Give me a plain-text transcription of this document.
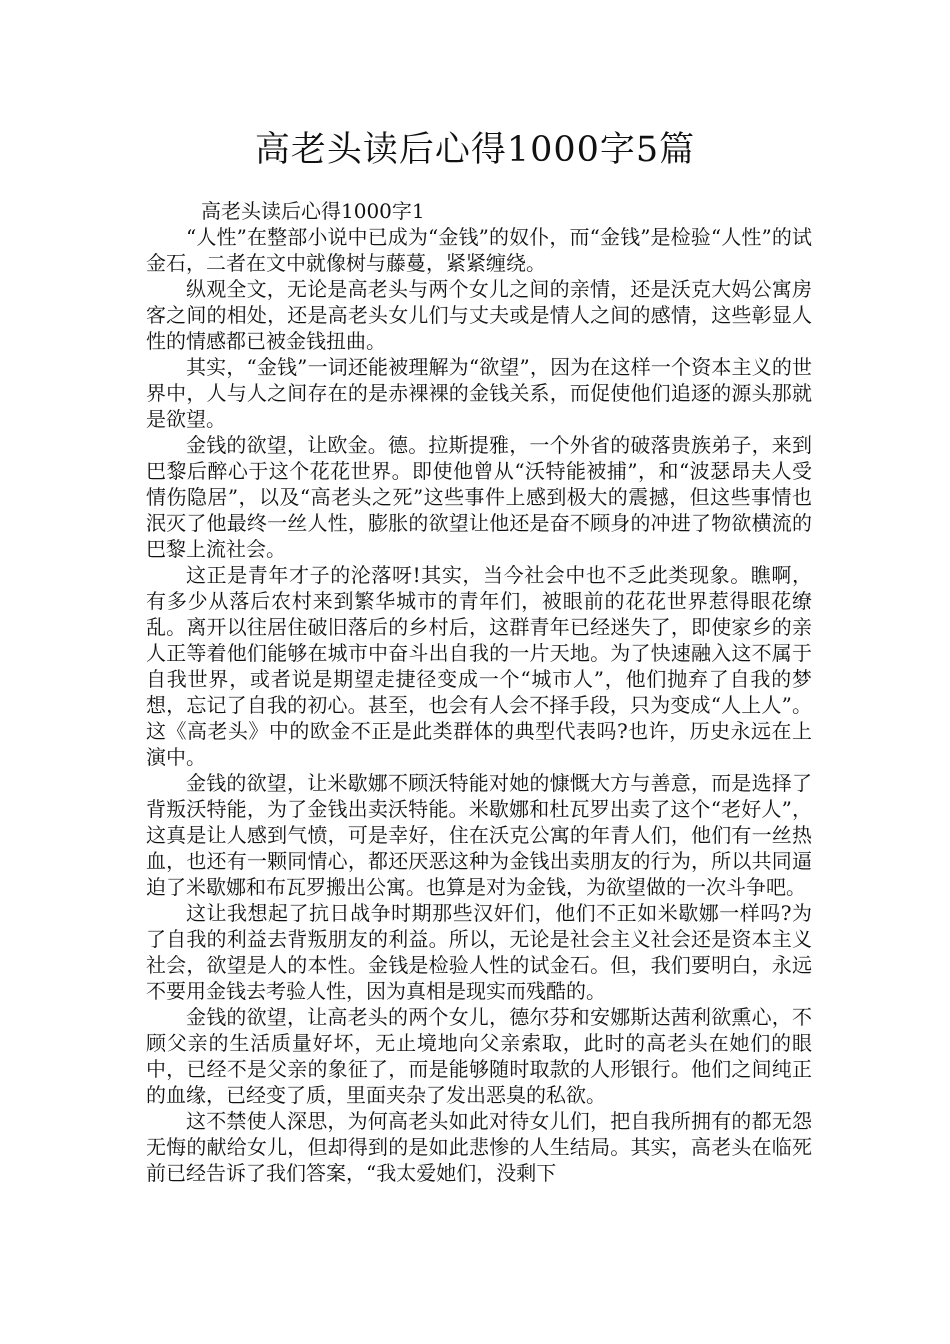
高老头读后心得1000字5篇

高老头读后心得1000字1

“人性”在整部小说中已成为“金钱”的奴仆，而“金钱”是检验“人性”的试金石，二者在文中就像树与藤蔓，紧紧缠绕。

纵观全文，无论是高老头与两个女儿之间的亲情，还是沃克大妈公寓房客之间的相处，还是高老头女儿们与丈夫或是情人之间的感情，这些彰显人性的情感都已被金钱扭曲。

其实，“金钱”一词还能被理解为“欲望”，因为在这样一个资本主义的世界中，人与人之间存在的是赤裸裸的金钱关系，而促使他们追逐的源头那就是欲望。

金钱的欲望，让欧金。德。拉斯提雅，一个外省的破落贵族弟子，来到巴黎后醉心于这个花花世界。即使他曾从“沃特能被捕”，和“波瑟昂夫人受情伤隐居”，以及“高老头之死”这些事件上感到极大的震撼，但这些事情也泯灭了他最终一丝人性，膨胀的欲望让他还是奋不顾身的冲进了物欲横流的巴黎上流社会。

这正是青年才子的沦落呀!其实，当今社会中也不乏此类现象。瞧啊，有多少从落后农村来到繁华城市的青年们，被眼前的花花世界惹得眼花缭乱。离开以往居住破旧落后的乡村后，这群青年已经迷失了，即使家乡的亲人正等着他们能够在城市中奋斗出自我的一片天地。为了快速融入这不属于自我世界，或者说是期望走捷径变成一个“城市人”，他们抛弃了自我的梦想，忘记了自我的初心。甚至，也会有人会不择手段，只为变成“人上人”。这《高老头》中的欧金不正是此类群体的典型代表吗?也许，历史永远在上演中。

金钱的欲望，让米歇娜不顾沃特能对她的慷慨大方与善意，而是选择了背叛沃特能，为了金钱出卖沃特能。米歇娜和杜瓦罗出卖了这个“老好人”，这真是让人感到气愤，可是幸好，住在沃克公寓的年青人们，他们有一丝热血，也还有一颗同情心，都还厌恶这种为金钱出卖朋友的行为，所以共同逼迫了米歇娜和布瓦罗搬出公寓。也算是对为金钱，为欲望做的一次斗争吧。

这让我想起了抗日战争时期那些汉奸们，他们不正如米歇娜一样吗?为了自我的利益去背叛朋友的利益。所以，无论是社会主义社会还是资本主义社会，欲望是人的本性。金钱是检验人性的试金石。但，我们要明白，永远不要用金钱去考验人性，因为真相是现实而残酷的。

金钱的欲望，让高老头的两个女儿，德尔芬和安娜斯达茜利欲熏心，不顾父亲的生活质量好坏，无止境地向父亲索取，此时的高老头在她们的眼中，已经不是父亲的象征了，而是能够随时取款的人形银行。他们之间纯正的血缘，已经变了质，里面夹杂了发出恶臭的私欲。

这不禁使人深思，为何高老头如此对待女儿们，把自我所拥有的都无怨无悔的献给女儿，但却得到的是如此悲惨的人生结局。其实，高老头在临死前已经告诉了我们答案，“我太爱她们，没剩下
